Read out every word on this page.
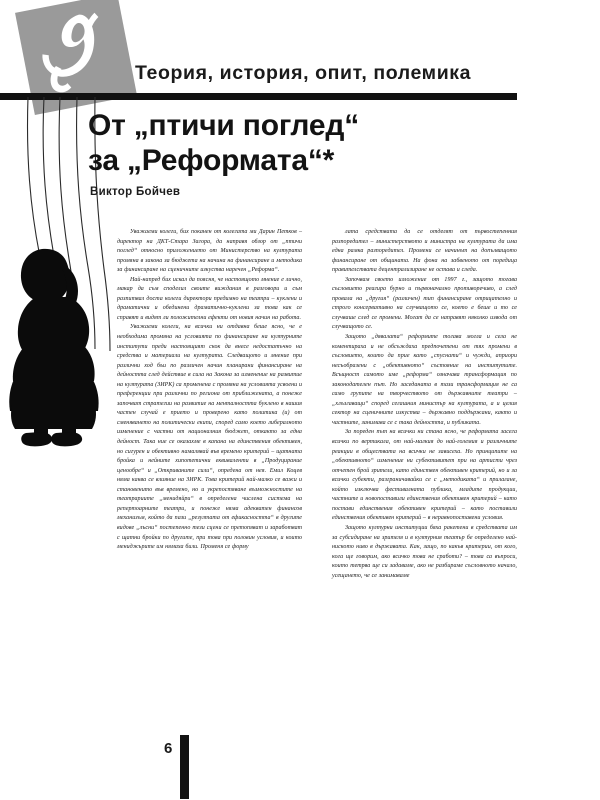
Теория, история, опит, полемика
От „птичи поглед“
за „Реформата“*
Виктор Бойчев

Уважаеми колеги, бих поканен от колегата ми Дарин Петков – директор на ДКТ-Стара Загора, да направя обзор от „птичи поглед“ относно приложението от Министерство на културата промяна в закона за бюджета на начина на финансиране и методика за финансиране на сценичните изкуства наречен „Реформа“.

Най-напред бих искал да поясня, че настоящото мнение е лично, макар да съм споделил своите виждания в разговори и съм разпитвал доста колеги директори предимно на театри – куклени и драматични и обединени драматично-куклени за това как се справят и видят ли положителни ефекти от новия начин на работа.

Уважаеми колеги, на всички ни отдавна беше ясно, че е необходима промяна на условията по финансиране на културните институти преди настоящият скок да внесе недостатъчно на средства и материали на културата. Следващото и мнение при различни ход бъи по различен начин планирани финансиране на дейността след действие в сила на Закона за изменение на развитие на културата (ЗИРК) са променена с промяна на условията усвоени и преференции при различни по региона от приближената, а понеже започват стратегии на развитие на менталността буклено в нашия частен случай е прието и проверено като политика (и) от сменяването на политически екипи, според само което либералното изменение с частни от националния бюджет, откакто за една дейност. Така ние се оказахме в капана на единствения обективен, но сигурен и обективно намалявай във времено критерий – щатната бройка и нейните хипотетични еквиваленти в „Продуцирание ценообре“ и „Откриваните сили“, опредена от нея. Емил Коцев няма каква се влияние на ЗИРК. Това критерий най-малко се важи и становенито във времено, но и укрепостяване възможностите на театрариите „менидяйри“ в определена числена система на репертоарните театри, и понеже няма адекватен финансов механизъм, който да пази „резултата от ефикасността“ в другите видове „лъсни“ постепенно тези сцени се претопяват и заработват с щатни бройки по другите, при това при половин условия, и които мениджърите им нямаха били. Променя се форму

лата средствата да се отделят от първостепенния разпоредител – министерството и министра на културата да има една рамка разпоредител. Промени се начинът на допълващото финансиране от общината. На фона на забвеното от поредица правителствата децентрализиране не остава и следа.

Започвам своето изложение от 1997 г., защото тогава съсловието реагира бурно и първоначално противоречиво, а след провала на „другия“ (различен) тип финансиране отрицателно и строго консервативно на случващото се, което е беше и то се случваше след се промени. Могат да се направят няколко извода от случващото се.

Защото „дявалата“ реформите тогава могла и села не коментираха и не обсъждаха предпочетени от тях промени в съсловието, които да прие като „спуснати“ и чужди, априори несъобразени с „обективното“ състояние на институтите. Всъщност самото име „реформа“ означава трансформация по законодателен път. Но заседаната в тази трансформация не са само групите на творчеството от държавните театри – „хлъзгаващи“ според сегашния министър на културата, а и целия сектор на сценичните изкуства – държавно поддържани, както и частните, занимава се с така дейността, и публиката.

За пореден път на всички ни стана ясно, че реформата засега всички по вертикала, от най-малкия до най-големия и различните реакции в обществата на всички не зависеха. Но принципите на „обективното“ изменение ни субективитет при на артисти чрез отчетен брой зрители, като единствен обективен критерий, но и за всички субекти, разграничавайки се с „методиката“ и прилагане, който изключва фестивалната публика, младите продукции, частните и новопоставили единствения обективен критерий – като постави единствения обективен критерий – като поставили единствения обективен критерий – в неравнопоставени условия.

Защото културни институции бяха ракетени в средствата им за субсидиране на зрителя и в културния театър бе определено най-ниското ниво в държавата. Как, защо, по какъв критерии, от кого, кога ще говорим, ако всичко това не сработи? – това са въпроси, които тетрва ще си задаваме, ако не разбираме съсловното начало, усещането, че се занимаваме

6
